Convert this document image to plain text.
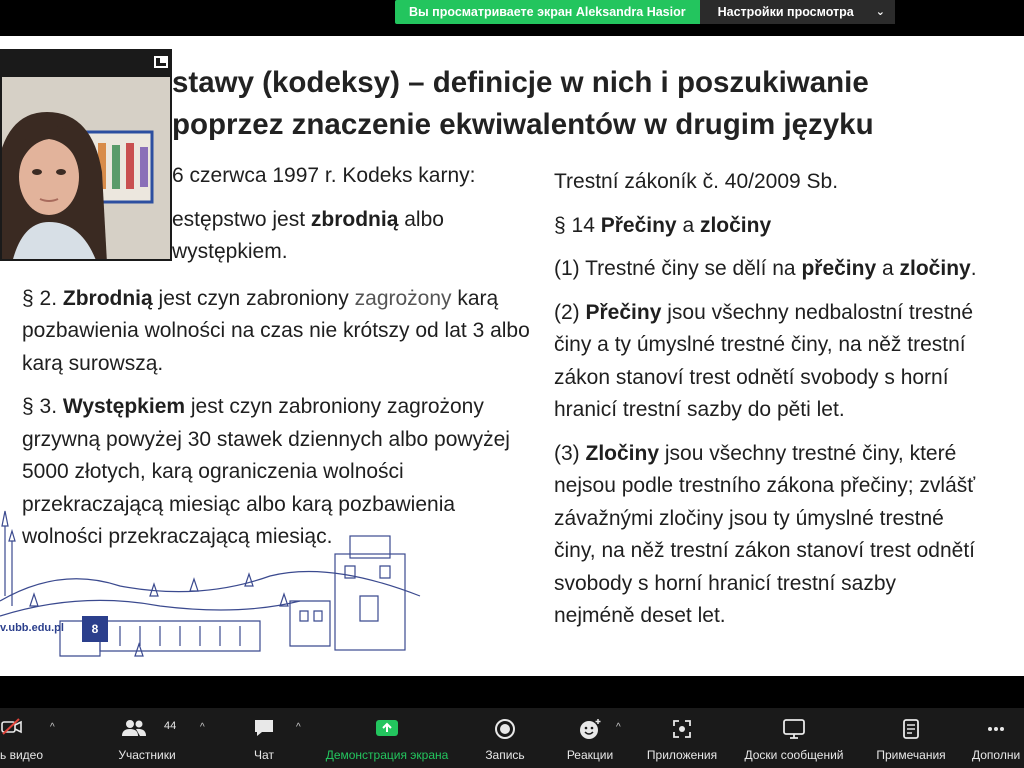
Вы просматриваете экран Aleksandra Hasior	Настройки просмотра ⌄
stawy (kodeksy) – definicje w nich i poszukiwanie
poprzez znaczenie ekwiwalentów w drugim języku

6 czerwca 1997 r. Kodeks karny:

estępstwo jest zbrodnią albo
występkiem.

§ 2. Zbrodnią jest czyn zabroniony zagrożony karą pozbawienia wolności na czas nie krótszy od lat 3 albo karą surowszą.

§ 3. Występkiem jest czyn zabroniony zagrożony grzywną powyżej 30 stawek dziennych albo powyżej 5000 złotych, karą ograniczenia wolności przekraczającą miesiąc albo karą pozbawienia wolności przekraczającą miesiąc.

Trestní zákoník č. 40/2009 Sb.

§ 14 Přečiny a zločiny

(1) Trestné činy se dělí na přečiny a zločiny.

(2) Přečiny jsou všechny nedbalostní trestné
činy a ty úmyslné trestné činy, na něž trestní
zákon stanoví trest odnětí svobody s horní
hranicí trestní sazby do pěti let.

(3) Zločiny jsou všechny trestné činy, které
nejsou podle trestního zákona přečiny; zvlášť
závažnými zločiny jsou ty úmyslné trestné
činy, na něž trestní zákon stanoví trest odnětí
svobody s horní hranicí trestní sazby
nejméně deset let.

v.ubb.edu.pl	8
ь видео
^	44
Участники
^
Чат
^
Демонстрация экрана	Запись	Реакции
^
Приложения	Доски сообщений	Примечания	Дополни
